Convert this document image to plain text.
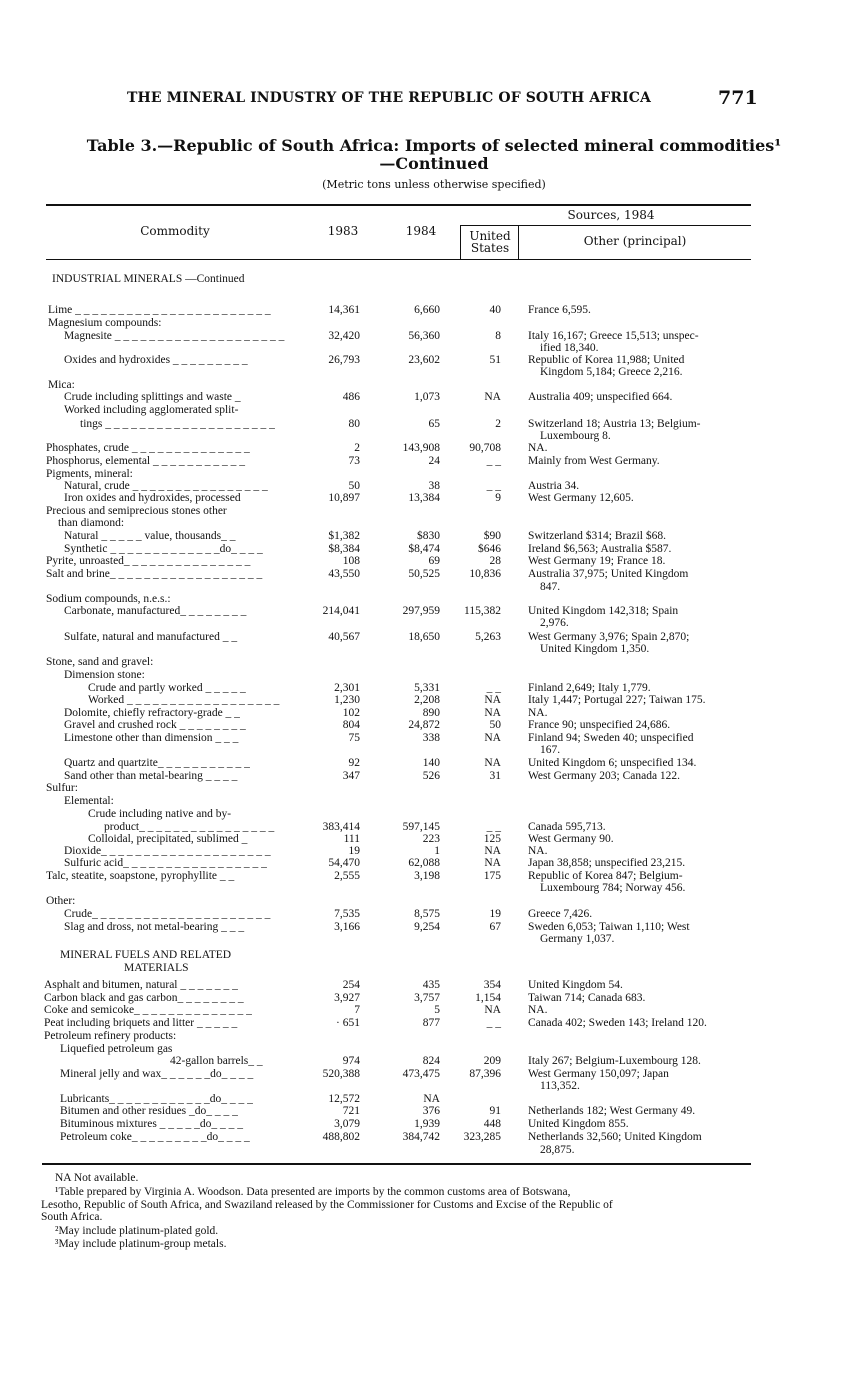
THE MINERAL INDUSTRY OF THE REPUBLIC OF SOUTH AFRICA	771
Table 3.—Republic of South Africa: Imports of selected mineral commodities¹
—Continued
(Metric tons unless otherwise specified)
Commodity	1983	1984
Sources, 1984
United
States	Other (principal)
INDUSTRIAL MINERALS —Continued
Lime _ _ _ _ _ _ _ _ _ _ _ _ _ _ _ _ _ _ _ _ _ _ _	14,361	6,660	40 France 6,595.
Magnesium compounds:
Magnesite _ _ _ _ _ _ _ _ _ _ _ _ _ _ _ _ _ _ _ _	32,420	56,360	8 Italy 16,167; Greece 15,513; unspec-
ified 18,340.
Oxides and hydroxides _ _ _ _ _ _ _ _ _	26,793	23,602	51 Republic of Korea 11,988; United
Kingdom 5,184; Greece 2,216.
Mica:
Crude including splittings and waste _	486	1,073	NA Australia 409; unspecified 664.
Worked including agglomerated split-
tings _ _ _ _ _ _ _ _ _ _ _ _ _ _ _ _ _ _ _ _	80	65	2 Switzerland 18; Austria 13; Belgium-
Luxembourg 8.
Phosphates, crude _ _ _ _ _ _ _ _ _ _ _ _ _ _	2	143,908	90,708 NA.
Phosphorus, elemental _ _ _ _ _ _ _ _ _ _ _	73	24	_ _ Mainly from West Germany.
Pigments, mineral:
Natural, crude _ _ _ _ _ _ _ _ _ _ _ _ _ _ _ _	50	38	_ _ Austria 34.
Iron oxides and hydroxides, processed	10,897	13,384	9 West Germany 12,605.
Precious and semiprecious stones other
than diamond:
Natural _ _ _ _ _ value, thousands_ _	$1,382	$830	$90 Switzerland $314; Brazil $68.
Synthetic _ _ _ _ _ _ _ _ _ _ _ _ _do_ _ _ _	$8,384	$8,474	$646 Ireland $6,563; Australia $587.
Pyrite, unroasted_ _ _ _ _ _ _ _ _ _ _ _ _ _ _	108	69	28 West Germany 19; France 18.
Salt and brine_ _ _ _ _ _ _ _ _ _ _ _ _ _ _ _ _ _	43,550	50,525	10,836 Australia 37,975; United Kingdom
847.
Sodium compounds, n.e.s.:
Carbonate, manufactured_ _ _ _ _ _ _ _	214,041	297,959	115,382 United Kingdom 142,318; Spain
2,976.
Sulfate, natural and manufactured _ _	40,567	18,650	5,263 West Germany 3,976; Spain 2,870;
United Kingdom 1,350.
Stone, sand and gravel:
Dimension stone:
Crude and partly worked _ _ _ _ _	2,301	5,331	_ _ Finland 2,649; Italy 1,779.
Worked _ _ _ _ _ _ _ _ _ _ _ _ _ _ _ _ _ _	1,230	2,208	NA Italy 1,447; Portugal 227; Taiwan 175.
Dolomite, chiefly refractory-grade _ _	102	890	NA NA.
Gravel and crushed rock _ _ _ _ _ _ _ _	804	24,872	50 France 90; unspecified 24,686.
Limestone other than dimension _ _ _	75	338	NA Finland 94; Sweden 40; unspecified
167.
Quartz and quartzite_ _ _ _ _ _ _ _ _ _ _	92	140	NA United Kingdom 6; unspecified 134.
Sand other than metal-bearing _ _ _ _	347	526	31 West Germany 203; Canada 122.
Sulfur:
Elemental:
Crude including native and by-
product_ _ _ _ _ _ _ _ _ _ _ _ _ _ _ _	383,414	597,145	_ _ Canada 595,713.
Colloidal, precipitated, sublimed _	111	223	125 West Germany 90.
Dioxide_ _ _ _ _ _ _ _ _ _ _ _ _ _ _ _ _ _ _ _	19	1	NA NA.
Sulfuric acid_ _ _ _ _ _ _ _ _ _ _ _ _ _ _ _ _	54,470	62,088	NA Japan 38,858; unspecified 23,215.
Talc, steatite, soapstone, pyrophyllite _ _	2,555	3,198	175 Republic of Korea 847; Belgium-
Luxembourg 784; Norway 456.
Other:
Crude_ _ _ _ _ _ _ _ _ _ _ _ _ _ _ _ _ _ _ _ _	7,535	8,575	19 Greece 7,426.
Slag and dross, not metal-bearing _ _ _	3,166	9,254	67 Sweden 6,053; Taiwan 1,110; West
Germany 1,037.
MINERAL FUELS AND RELATED
MATERIALS
Asphalt and bitumen, natural _ _ _ _ _ _ _	254	435	354 United Kingdom 54.
Carbon black and gas carbon_ _ _ _ _ _ _ _	3,927	3,757	1,154 Taiwan 714; Canada 683.
Coke and semicoke_ _ _ _ _ _ _ _ _ _ _ _ _ _	7	5	NA NA.
Peat including briquets and litter _ _ _ _ _	· 651	877	_ _ Canada 402; Sweden 143; Ireland 120.
Petroleum refinery products:
Liquefied petroleum gas
42-gallon barrels_ _	974	824	209 Italy 267; Belgium-Luxembourg 128.
Mineral jelly and wax_ _ _ _ _ _do_ _ _ _	520,388	473,475	87,396 West Germany 150,097; Japan
113,352.
Lubricants_ _ _ _ _ _ _ _ _ _ _ _do_ _ _ _	12,572	NA
Bitumen and other residues _do_ _ _ _	721	376	91 Netherlands 182; West Germany 49.
Bituminous mixtures _ _ _ _ _do_ _ _ _	3,079	1,939	448 United Kingdom 855.
Petroleum coke_ _ _ _ _ _ _ _ _do_ _ _ _	488,802	384,742	323,285 Netherlands 32,560; United Kingdom
28,875.
NA Not available.
¹Table prepared by Virginia A. Woodson. Data presented are imports by the common customs area of Botswana,
Lesotho, Republic of South Africa, and Swaziland released by the Commissioner for Customs and Excise of the Republic of
South Africa.
²May include platinum-plated gold.
³May include platinum-group metals.
